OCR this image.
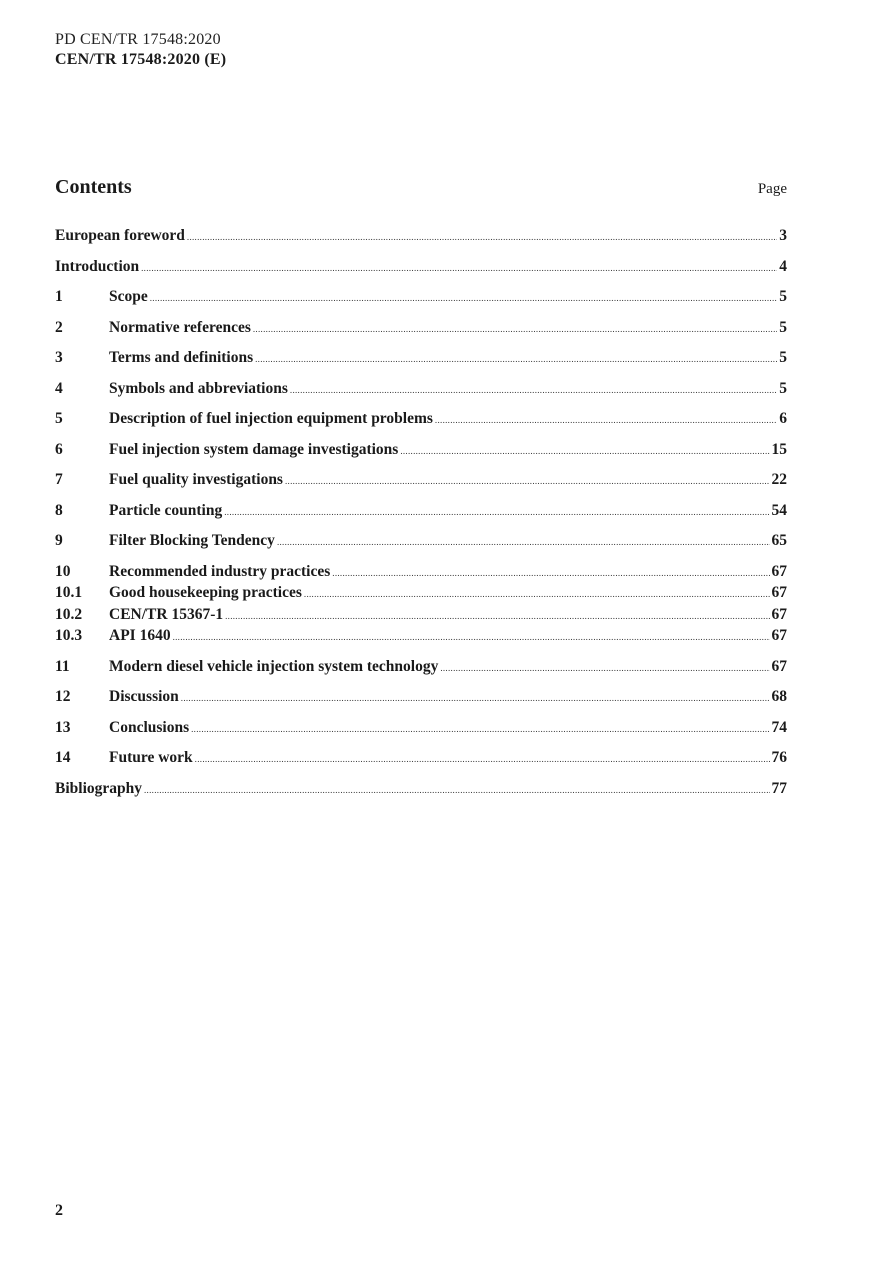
PD CEN/TR 17548:2020
CEN/TR 17548:2020 (E)
Contents	Page
European foreword .....	3
Introduction .....	4
1	Scope .....	5
2	Normative references .....	5
3	Terms and definitions .....	5
4	Symbols and abbreviations .....	5
5	Description of fuel injection equipment problems .....	6
6	Fuel injection system damage investigations .....	15
7	Fuel quality investigations .....	22
8	Particle counting .....	54
9	Filter Blocking Tendency .....	65
10	Recommended industry practices .....	67
10.1	Good housekeeping practices .....	67
10.2	CEN/TR 15367-1 .....	67
10.3	API 1640 .....	67
11	Modern diesel vehicle injection system technology .....	67
12	Discussion .....	68
13	Conclusions .....	74
14	Future work .....	76
Bibliography .....	77
2
